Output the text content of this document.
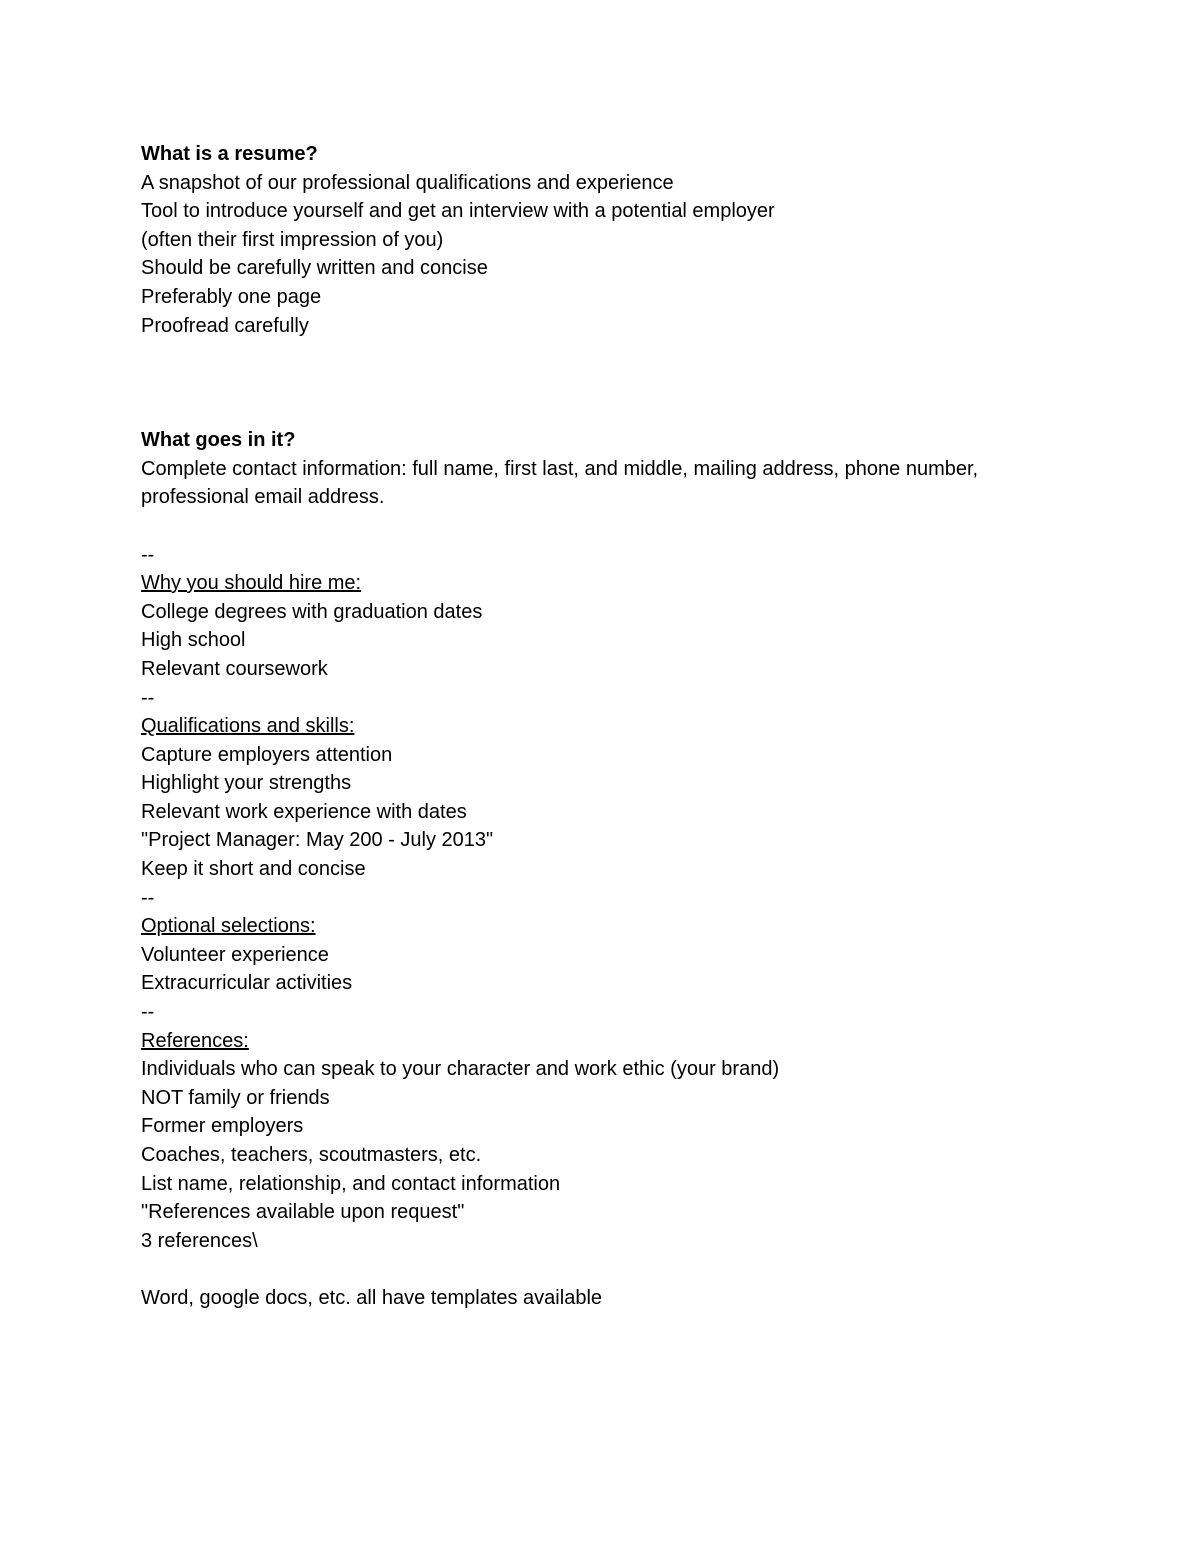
What is a resume?
A snapshot of our professional qualifications and experience
Tool to introduce yourself and get an interview with a potential employer
(often their first impression of you)
Should be carefully written and concise
Preferably one page
Proofread carefully
What goes in it?
Complete contact information: full name, first last, and middle, mailing address, phone number, professional email address.
--
Why you should hire me:
College degrees with graduation dates
High school
Relevant coursework
--
Qualifications and skills:
Capture employers attention
Highlight your strengths
Relevant work experience with dates
"Project Manager: May 200 - July 2013"
Keep it short and concise
--
Optional selections:
Volunteer experience
Extracurricular activities
--
References:
Individuals who can speak to your character and work ethic (your brand)
NOT family or friends
Former employers
Coaches, teachers, scoutmasters, etc.
List name, relationship, and contact information
"References available upon request"
3 references\
Word, google docs, etc. all have templates available
